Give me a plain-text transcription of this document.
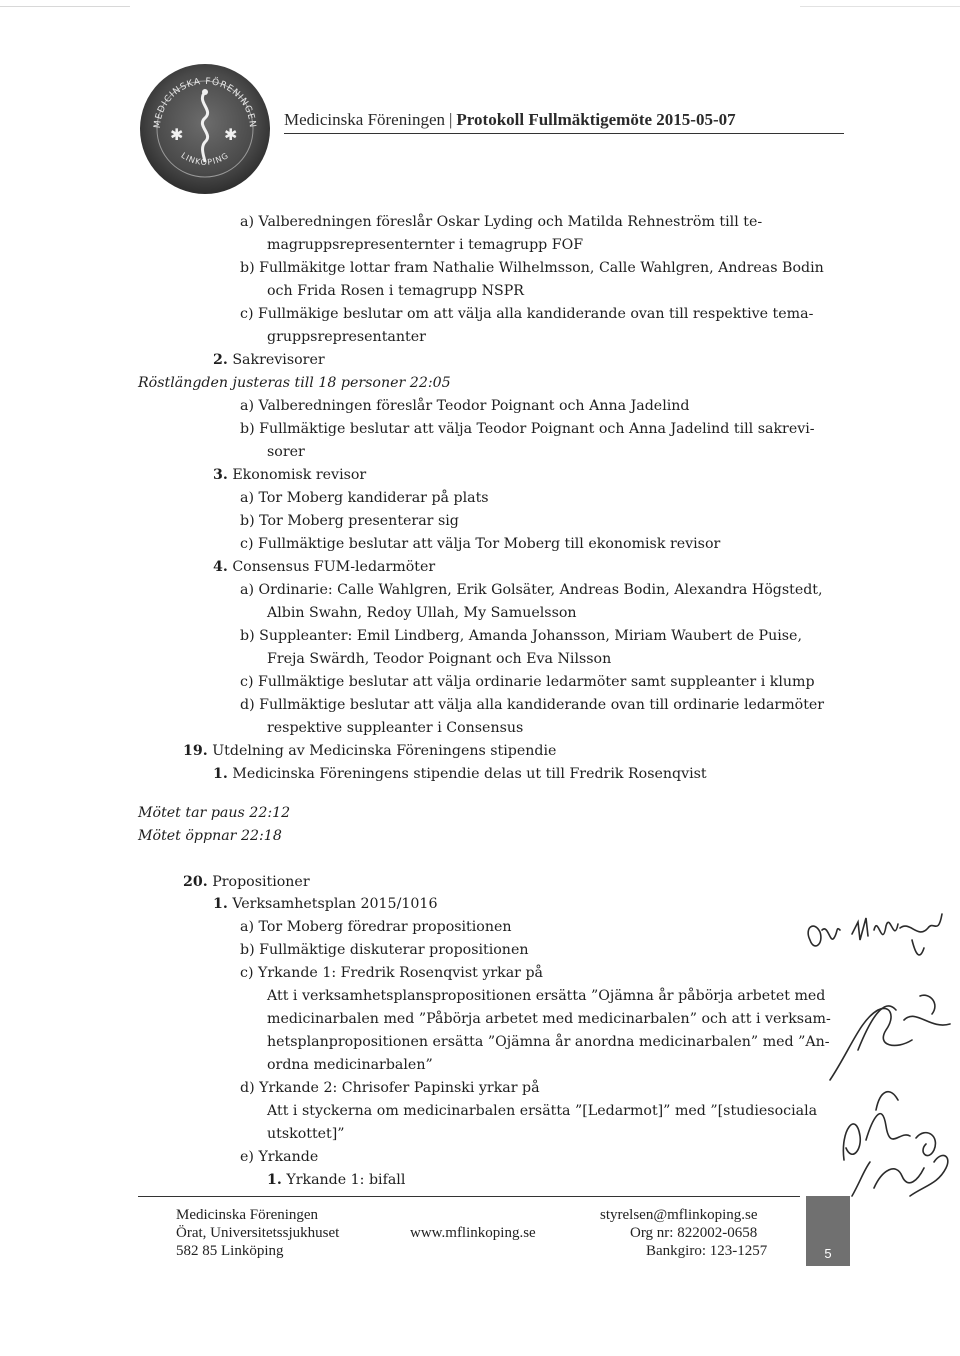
MEDICINSKA FÖRENINGEN
LINKÖPING
✱	✱
Medicinska Föreningen | Protokoll Fullmäktigemöte 2015-05-07
a) Valberedningen föreslår Oskar Lyding och Matilda Rehneström till te-
magruppsrepresenternter i temagrupp FOF
b) Fullmäkitge lottar fram Nathalie Wilhelmsson, Calle Wahlgren, Andreas Bodin
och Frida Rosen i temagrupp NSPR
c) Fullmäkige beslutar om att välja alla kandiderande ovan till respektive tema-
gruppsrepresentanter
2. Sakrevisorer
Röstlängden justeras till 18 personer 22:05
a) Valberedningen föreslår Teodor Poignant och Anna Jadelind
b) Fullmäktige beslutar att välja Teodor Poignant och Anna Jadelind till sakrevi-
sorer
3. Ekonomisk revisor
a) Tor Moberg kandiderar på plats
b) Tor Moberg presenterar sig
c) Fullmäktige beslutar att välja Tor Moberg till ekonomisk revisor
4. Consensus FUM-ledarmöter
a) Ordinarie: Calle Wahlgren, Erik Golsäter, Andreas Bodin, Alexandra Högstedt,
Albin Swahn, Redoy Ullah, My Samuelsson
b) Suppleanter: Emil Lindberg, Amanda Johansson, Miriam Waubert de Puise,
Freja Swärdh, Teodor Poignant och Eva Nilsson
c) Fullmäktige beslutar att välja ordinarie ledarmöter samt suppleanter i klump
d) Fullmäktige beslutar att välja alla kandiderande ovan till ordinarie ledarmöter
respektive suppleanter i Consensus
19. Utdelning av Medicinska Föreningens stipendie
1. Medicinska Föreningens stipendie delas ut till Fredrik Rosenqvist
Mötet tar paus 22:12
Mötet öppnar 22:18
20. Propositioner
1. Verksamhetsplan 2015/1016
a) Tor Moberg föredrar propositionen
b) Fullmäktige diskuterar propositionen
c) Yrkande 1: Fredrik Rosenqvist yrkar på
Att i verksamhetsplanspropositionen ersätta ”Ojämna år påbörja arbetet med
medicinarbalen med ”Påbörja arbetet med medicinarbalen” och att i verksam-
hetsplanpropositionen ersätta ”Ojämna år anordna medicinarbalen” med ”An-
ordna medicinarbalen”
d) Yrkande 2: Chrisofer Papinski yrkar på
Att i styckerna om medicinarbalen ersätta ”[Ledarmot]” med ”[studiesociala
utskottet]”
e) Yrkande
1. Yrkande 1: bifall
Medicinska Föreningen
Örat, Universitetssjukhuset
582 85 Linköping
www.mflinkoping.se
styrelsen@mflinkoping.se
Org nr: 822002-0658
Bankgiro: 123-1257	5
